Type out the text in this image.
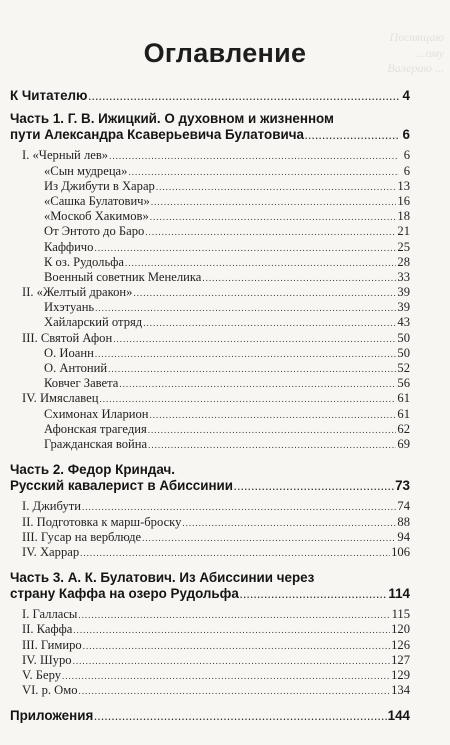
Посвящаю
...ому
Валерию ...
Оглавление
К Читателю .....	4
Часть 1. Г. В. Ижицкий. О духовном и жизненном
пути Александра Ксаверьевича Булатовича .....	6
I. «Черный лев» .....	6
«Сын мудреца» .....	6
Из Джибути в Харар .....	13
«Сашка Булатович» .....	16
«Москоб Хакимов» .....	18
От Энтото до Баро .....	21
Каффичо .....	25
К оз. Рудольфа .....	28
Военный советник Менелика .....	33
II. «Желтый дракон» .....	39
Ихэтуань .....	39
Хайларский отряд .....	43
III. Святой Афон .....	50
О. Иоанн .....	50
О. Антоний .....	52
Ковчег Завета .....	56
IV. Имяславец .....	61
Схимонах Иларион .....	61
Афонская трагедия .....	62
Гражданская война .....	69
Часть 2. Федор Криндач.
Русский кавалерист в Абиссинии .....	73
I. Джибути .....	74
II. Подготовка к марш-броску .....	88
III. Гусар на верблюде .....	94
IV. Харрар .....	106
Часть 3. А. К. Булатович. Из Абиссинии через
страну Каффа на озеро Рудольфа .....	114
I. Галласы .....	115
II. Каффа .....	120
III. Гимиро .....	126
IV. Шуро .....	127
V. Беру .....	129
VI. р. Омо .....	134
Приложения .....	144
